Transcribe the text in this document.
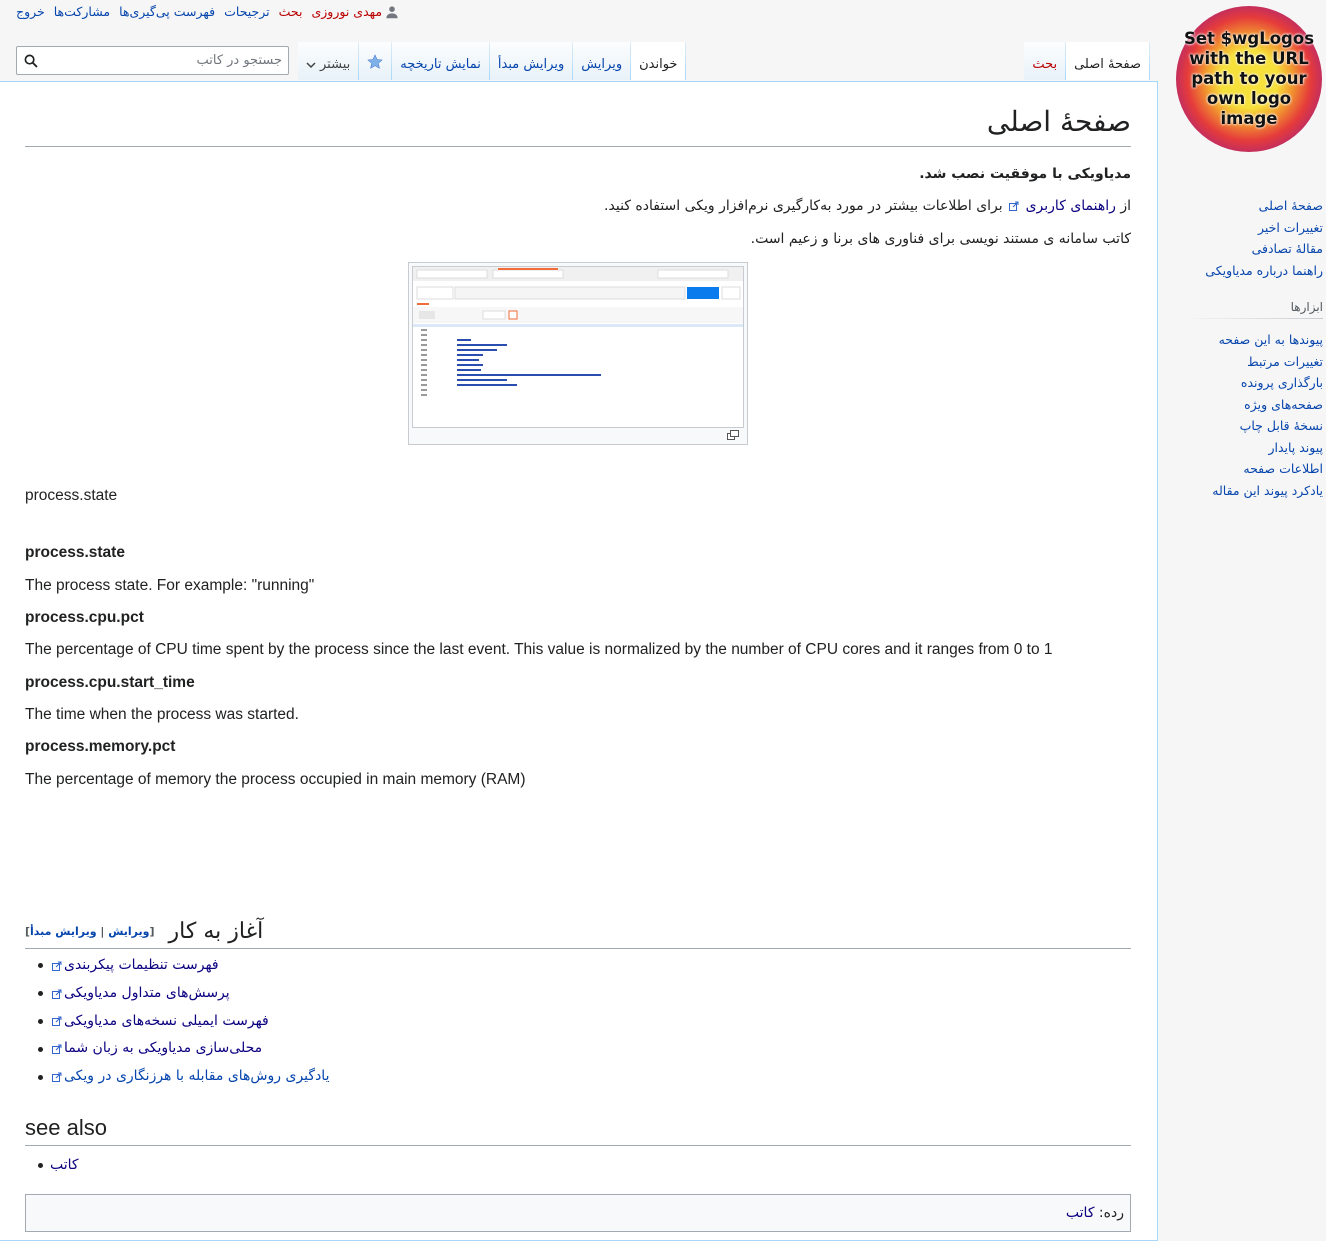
Set $wgLogos with the URL path to your own logo image
صفحهٔ اصلی
تغییرات اخیر
مقالهٔ تصادفی
راهنما درباره مدیاویکی
ابزارها
پیوندها به این صفحه
تغییرات مرتبط
بارگذاری پرونده
صفحه‌های ویژه
نسخهٔ قابل چاپ
پیوند پایدار
اطلاعات صفحه
یادکرد پیوند این مقاله
مهدی نوروزی
بحث
ترجیحات
فهرست پی‌گیری‌ها
مشارکت‌ها
خروج
صفحهٔ اصلی
بحث
خواندن
ویرایش
ویرایش مبدأ
نمایش تاریخچه
بیشتر
جستجو در کاتب
صفحهٔ اصلی

مدیاویکی با موفقیت نصب شد.

از راهنمای کاربری  برای اطلاعات بیشتر در مورد به‌کارگیری نرم‌افزار ویکی استفاده کنید.

کاتب سامانه ی مستند نویسی برای فناوری های برنا و زعیم است.

process.state

process.state

The process state. For example: "running"

process.cpu.pct

The percentage of CPU time spent by the process since the last event. This value is normalized by the number of CPU cores and it ranges from 0 to 1

process.cpu.start_time

The time when the process was started.

process.memory.pct

The percentage of memory the process occupied in main memory (RAM)

آغاز به کار
[ویرایش | ویرایش مبدأ]
فهرست تنظیمات پیکربندی
پرسش‌های متداول مدیاویکی
فهرست ایمیلی نسخه‌های مدیاویکی
محلی‌سازی مدیاویکی به زبان شما
یادگیری روش‌های مقابله با هرزنگاری در ویکی
see also
کاتب
رده
:
کاتب
